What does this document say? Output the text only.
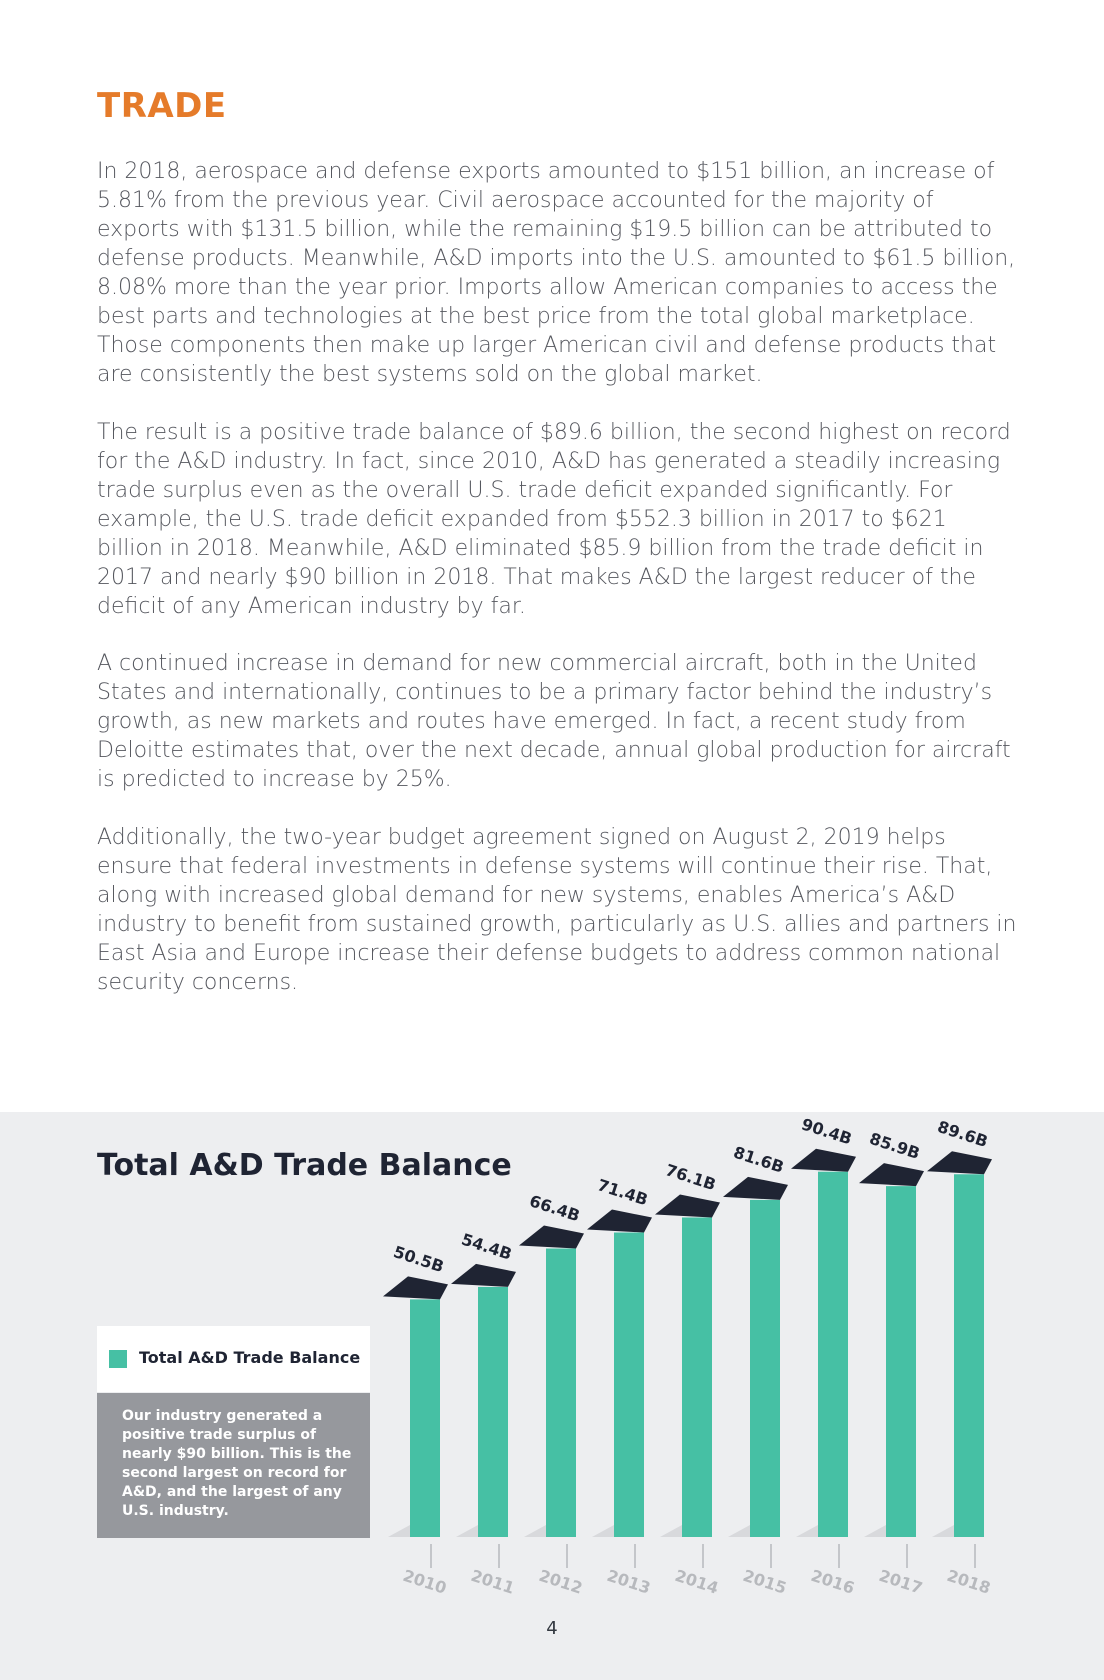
TRADE

In 2018, aerospace and defense exports amounted to $151 billion, an increase of 5.81% from the previous year. Civil aerospace accounted for the majority of exports with $131.5 billion, while the remaining $19.5 billion can be attributed to defense products. Meanwhile, A&D imports into the U.S. amounted to $61.5 billion, 8.08% more than the year prior. Imports allow American companies to access the best parts and technologies at the best price from the total global marketplace. Those components then make up larger American civil and defense products that are consistently the best systems sold on the global market.

The result is a positive trade balance of $89.6 billion, the second highest on record for the A&D industry. In fact, since 2010, A&D has generated a steadily increasing trade surplus even as the overall U.S. trade deficit expanded significantly. For example, the U.S. trade deficit expanded from $552.3 billion in 2017 to $621 billion in 2018. Meanwhile, A&D eliminated $85.9 billion from the trade deficit in 2017 and nearly $90 billion in 2018. That makes A&D the largest reducer of the deficit of any American industry by far.

A continued increase in demand for new commercial aircraft, both in the United States and internationally, continues to be a primary factor behind the industry’s growth, as new markets and routes have emerged. In fact, a recent study from Deloitte estimates that, over the next decade, annual global production for aircraft is predicted to increase by 25%.

Additionally, the two-year budget agreement signed on August 2, 2019 helps ensure that federal investments in defense systems will continue their rise. That, along with increased global demand for new systems, enables America’s A&D industry to benefit from sustained growth, particularly as U.S. allies and partners in East Asia and Europe increase their defense budgets to address common national security concerns.

Total A&D Trade Balance
Total A&D Trade Balance

Our industry generated a positive trade surplus of nearly $90 billion. This is the second largest on record for A&D, and the largest of any U.S. industry.

50.5B
2010
54.4B
2011
66.4B
2012
71.4B
2013
76.1B
2014
81.6B
2015
90.4B
2016
85.9B
2017
89.6B
2018
4
